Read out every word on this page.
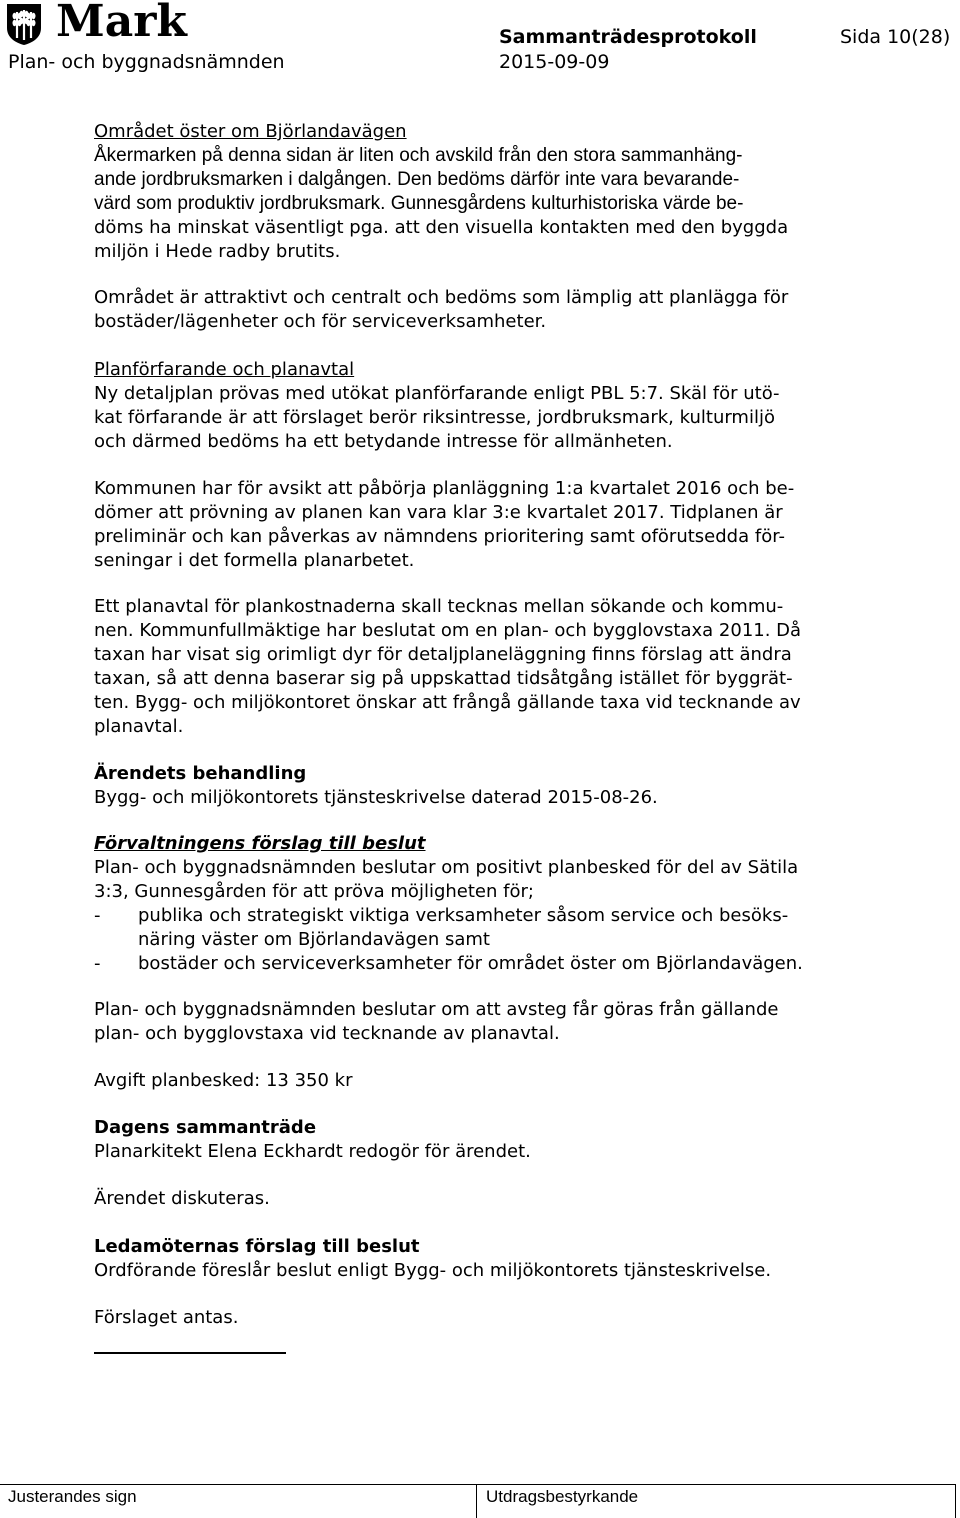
Mark
Plan- och byggnadsnämnden
Sammanträdesprotokoll
2015-09-09
Sida 10(28)

Området öster om Björlandavägen

Åkermarken på denna sidan är liten och avskild från den stora sammanhäng-

ande jordbruksmarken i dalgången. Den bedöms därför inte vara bevarande-

värd som produktiv jordbruksmark. Gunnesgårdens kulturhistoriska värde be-

döms ha minskat väsentligt pga. att den visuella kontakten med den byggda

miljön i Hede radby brutits.

Området är attraktivt och centralt och bedöms som lämplig att planlägga för

bostäder/lägenheter och för serviceverksamheter.

Planförfarande och planavtal

Ny detaljplan prövas med utökat planförfarande enligt PBL 5:7. Skäl för utö-

kat förfarande är att förslaget berör riksintresse, jordbruksmark, kulturmiljö

och därmed bedöms ha ett betydande intresse för allmänheten.

Kommunen har för avsikt att påbörja planläggning 1:a kvartalet 2016 och be-

dömer att prövning av planen kan vara klar 3:e kvartalet 2017. Tidplanen är

preliminär och kan påverkas av nämndens prioritering samt oförutsedda för-

seningar i det formella planarbetet.

Ett planavtal för plankostnaderna skall tecknas mellan sökande och kommu-

nen. Kommunfullmäktige har beslutat om en plan- och bygglovstaxa 2011. Då

taxan har visat sig orimligt dyr för detaljplaneläggning finns förslag att ändra

taxan, så att denna baserar sig på uppskattad tidsåtgång istället för byggrät-

ten. Bygg- och miljökontoret önskar att frångå gällande taxa vid tecknande av

planavtal.

Ärendets behandling

Bygg- och miljökontorets tjänsteskrivelse daterad 2015-08-26.

Förvaltningens förslag till beslut

Plan- och byggnadsnämnden beslutar om positivt planbesked för del av Sätila

3:3, Gunnesgården för att pröva möjligheten för;

- publika och strategiskt viktiga verksamheter såsom service och besöks-

näring väster om Björlandavägen samt

- bostäder och serviceverksamheter för området öster om Björlandavägen.

Plan- och byggnadsnämnden beslutar om att avsteg får göras från gällande

plan- och bygglovstaxa vid tecknande av planavtal.

Avgift planbesked: 13 350 kr

Dagens sammanträde

Planarkitekt Elena Eckhardt redogör för ärendet.

Ärendet diskuteras.

Ledamöternas förslag till beslut

Ordförande föreslår beslut enligt Bygg- och miljökontorets tjänsteskrivelse.

Förslaget antas.

Justerandes sign	Utdragsbestyrkande
